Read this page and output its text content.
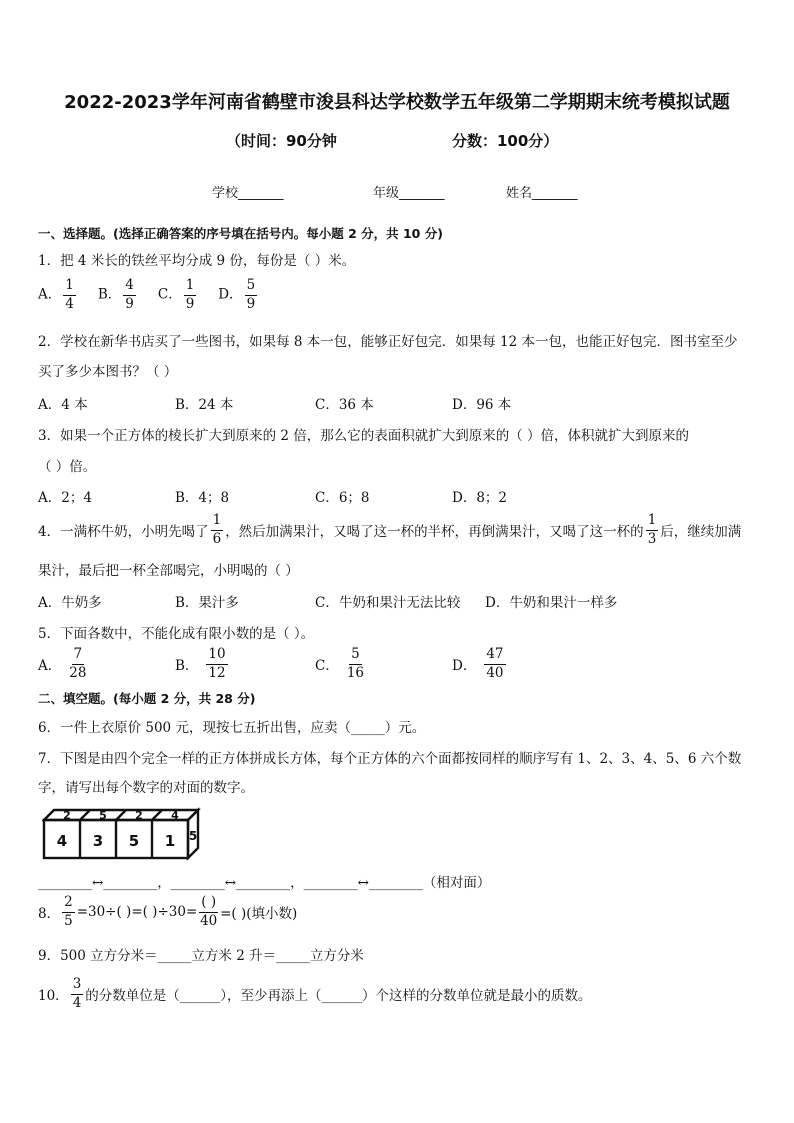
2022-2023学年河南省鹤壁市浚县科达学校数学五年级第二学期期末统考模拟试题
（时间：90分钟	分数：100分）
学校_______	年级_______	姓名_______
一、选择题。(选择正确答案的序号填在括号内。每小题 2 分，共 10 分)
1．把 4 米长的铁丝平均分成 9 份，每份是（ ）米。
A． $\frac{1}{4}$ B． $\frac{4}{9}$ C． $\frac{1}{9}$ D． $\frac{5}{9}$
2．学校在新华书店买了一些图书，如果每 8 本一包，能够正好包完．如果每 12 本一包，也能正好包完．图书室至少
买了多少本图书？（ ）
A．4 本	B．24 本	C．36 本	D．96 本
3．如果一个正方体的棱长扩大到原来的 2 倍，那么它的表面积就扩大到原来的（ ）倍，体积就扩大到原来的
（ ）倍。
A．2；4	B．4；8	C．6；8	D．8；2
4．一满杯牛奶，小明先喝了 $\frac{1}{6}$ ，然后加满果汁，又喝了这一杯的半杯，再倒满果汁，又喝了这一杯的 $\frac{1}{3}$ 后，继续加满
果汁，最后把一杯全部喝完，小明喝的（ ）
A．牛奶多	B．果汁多	C．牛奶和果汁无法比较 D．牛奶和果汁一样多
5．下面各数中，不能化成有限小数的是（ ）。
A． $\frac{7}{28}$	B． $\frac{10}{12}$	C． $\frac{5}{16}$	D． $\frac{47}{40}$
二、填空题。(每小题 2 分，共 28 分)
6．一件上衣原价 500 元，现按七五折出售，应卖（_____）元。
7．下图是由四个完全一样的正方体拼成长方体，每个正方体的六个面都按同样的顺序写有 1、2、3、4、5、6 六个数
字，请写出每个数字的对面的数字。
4 3 5 1
2	5	2	4
5
________↔________，________↔________，________↔________（相对面）
8． $\frac{2}{5} =30\div$( )=( )$\div 30= \frac{( )}{40}$ =( )(填小数)
9．500 立方分米＝_____立方米 2 升＝_____立方分米
10． $\frac{3}{4}$ 的分数单位是（______），至少再添上（______）个这样的分数单位就是最小的质数。
